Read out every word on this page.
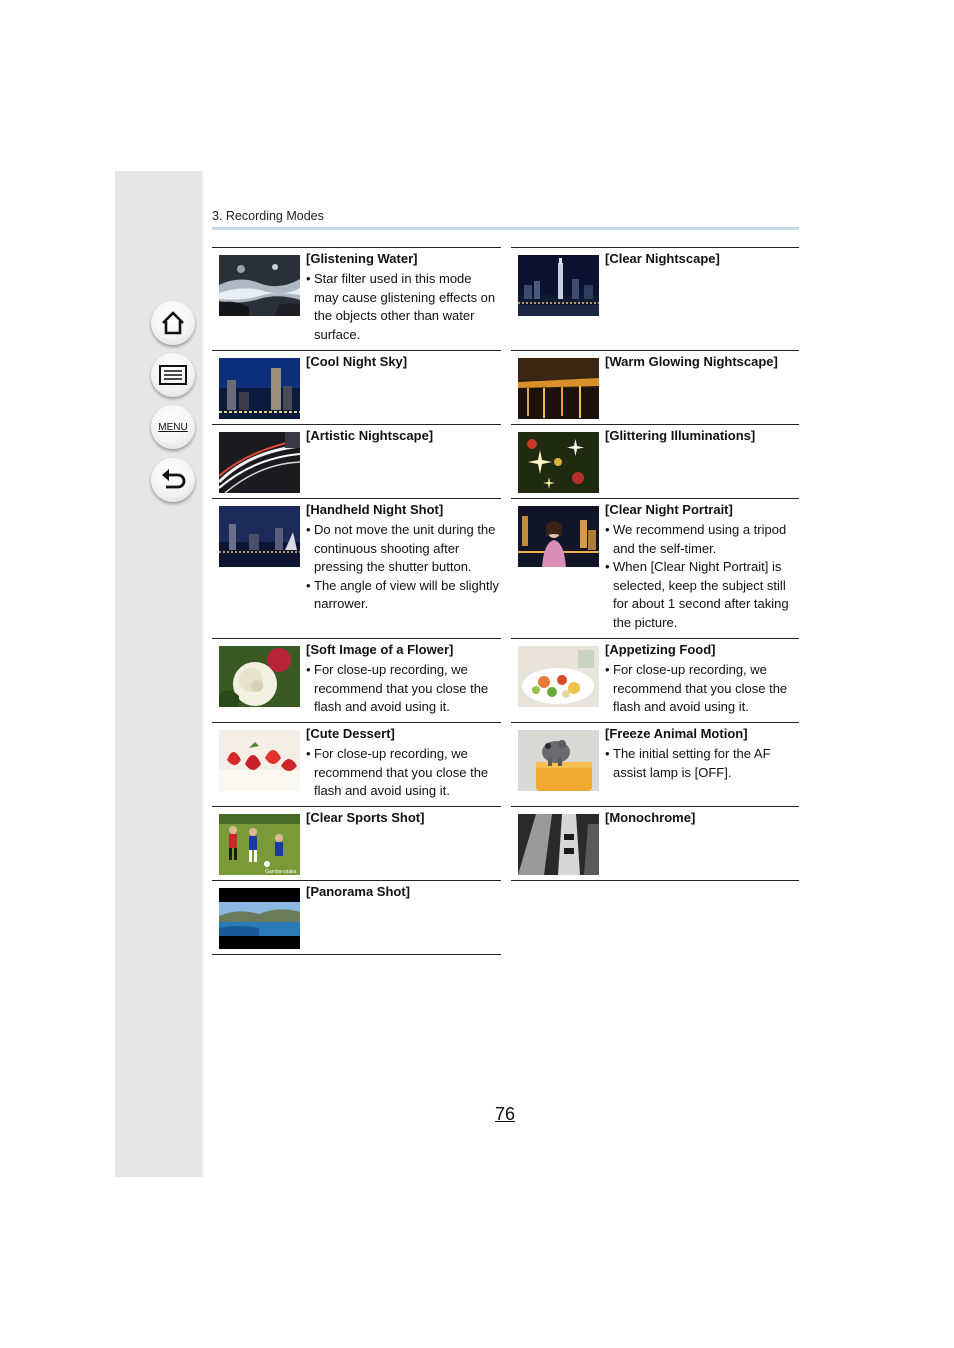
MENU
3. Recording Modes
[Glistening Water]
• Star filter used in this mode may cause glistening effects on the objects other than water surface.
[Clear Nightscape]
[Cool Night Sky]	[Warm Glowing Nightscape]
[Artistic Nightscape]	[Glittering Illuminations]
[Handheld Night Shot]
• Do not move the unit during the continuous shooting after pressing the shutter button.
• The angle of view will be slightly narrower.
[Clear Night Portrait]
• We recommend using a tripod and the self-timer.
• When [Clear Night Portrait] is selected, keep the subject still for about 1 second after taking the picture.
[Soft Image of a Flower]
• For close-up recording, we recommend that you close the flash and avoid using it.
[Appetizing Food]
• For close-up recording, we recommend that you close the flash and avoid using it.
[Cute Dessert]
• For close-up recording, we recommend that you close the flash and avoid using it.
[Freeze Animal Motion]
• The initial setting for the AF assist lamp is [OFF].
Gamba-osaka
[Clear Sports Shot]	[Monochrome]
[Panorama Shot]
76
